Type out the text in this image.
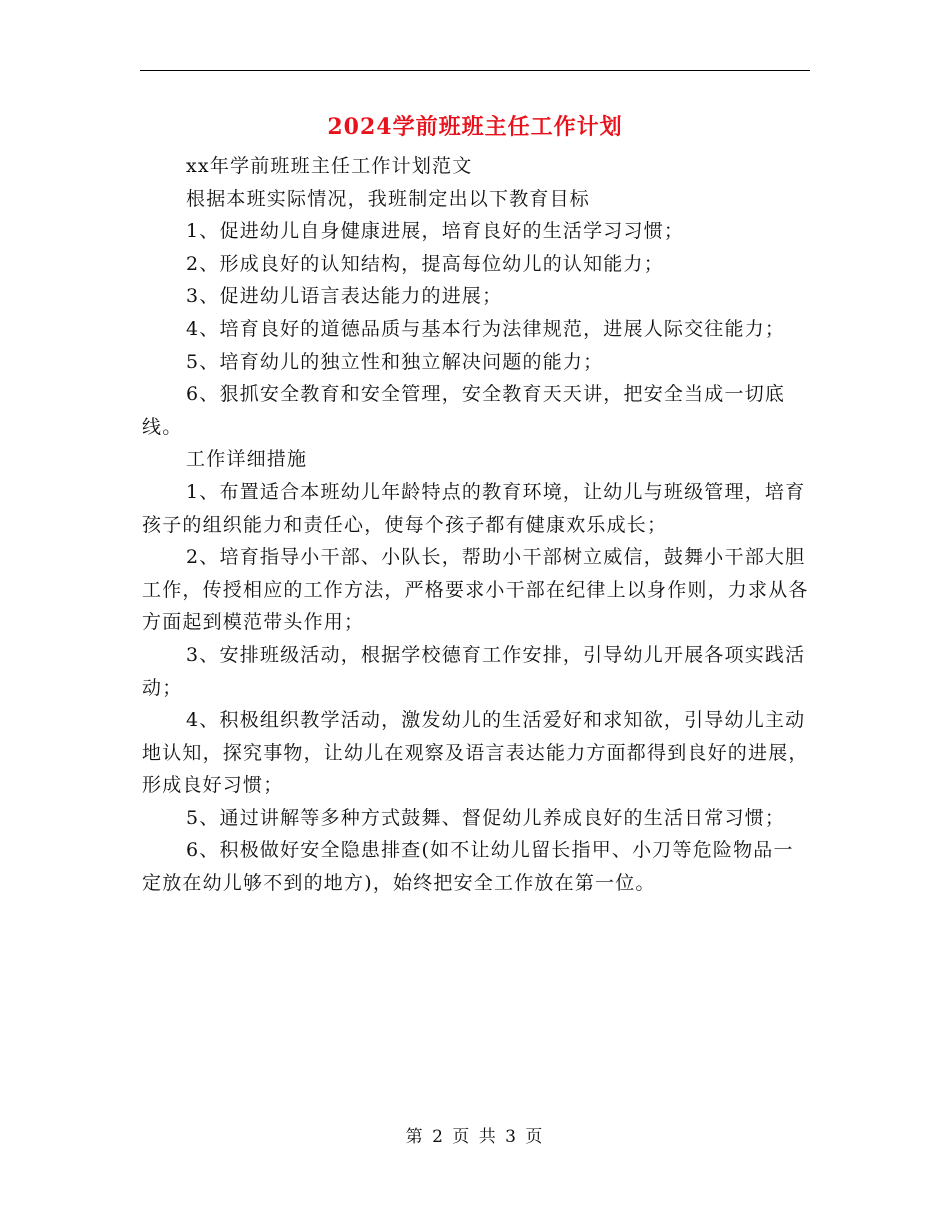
2024学前班班主任工作计划

xx年学前班班主任工作计划范文

根据本班实际情况，我班制定出以下教育目标

1、促进幼儿自身健康进展，培育良好的生活学习习惯；

2、形成良好的认知结构，提高每位幼儿的认知能力；

3、促进幼儿语言表达能力的进展；

4、培育良好的道德品质与基本行为法律规范，进展人际交往能力；

5、培育幼儿的独立性和独立解决问题的能力；

6、狠抓安全教育和安全管理，安全教育天天讲，把安全当成一切底线。

工作详细措施

1、布置适合本班幼儿年龄特点的教育环境，让幼儿与班级管理，培育孩子的组织能力和责任心，使每个孩子都有健康欢乐成长；

2、培育指导小干部、小队长，帮助小干部树立威信，鼓舞小干部大胆工作，传授相应的工作方法，严格要求小干部在纪律上以身作则，力求从各方面起到模范带头作用；

3、安排班级活动，根据学校德育工作安排，引导幼儿开展各项实践活动；

4、积极组织教学活动，激发幼儿的生活爱好和求知欲，引导幼儿主动地认知，探究事物，让幼儿在观察及语言表达能力方面都得到良好的进展，形成良好习惯；

5、通过讲解等多种方式鼓舞、督促幼儿养成良好的生活日常习惯；

6、积极做好安全隐患排查(如不让幼儿留长指甲、小刀等危险物品一定放在幼儿够不到的地方)，始终把安全工作放在第一位。

第 2 页 共 3 页
